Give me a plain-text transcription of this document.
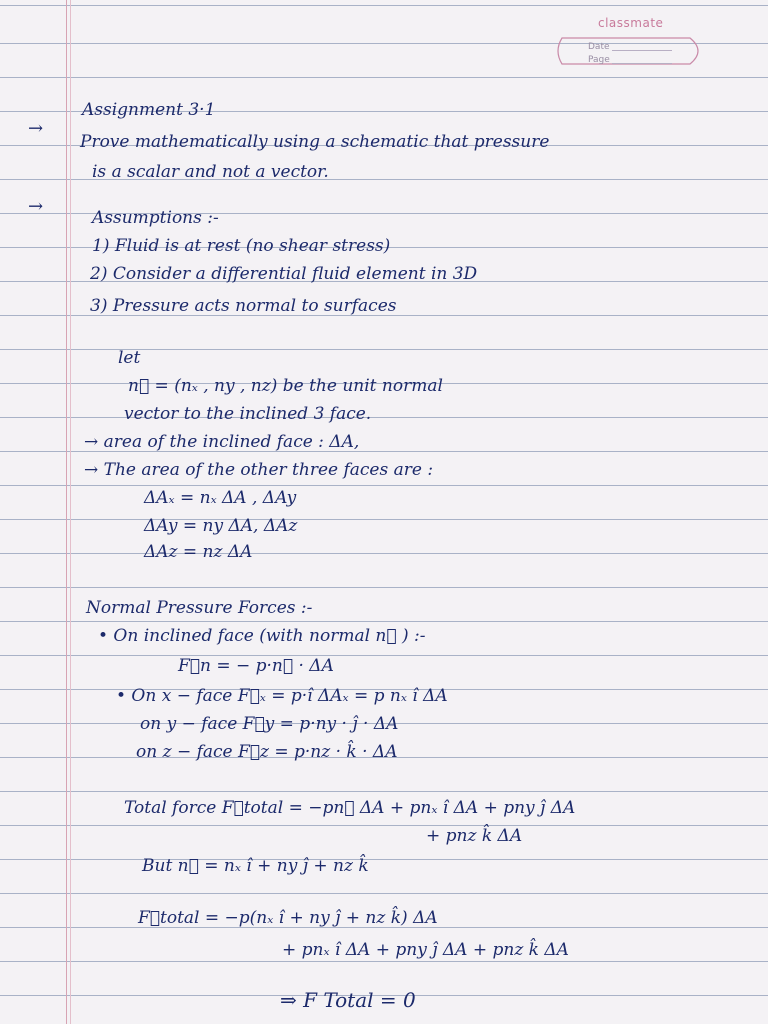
classmate
Date
Page
Assignment 3·1
→
Prove mathematically using a schematic that pressure
is a scalar and not a vector.
→
Assumptions :-
1) Fluid is at rest (no shear stress)
2) Consider a differential fluid element in 3D
3) Pressure acts normal to surfaces
let
n⃗ = (nₓ , ny , nz) be the unit normal
vector to the inclined 3 face.
→ area of the inclined face : ΔA,
→ The area of the other three faces are :
ΔAₓ = nₓ ΔA , ΔAy
ΔAy = ny ΔA, ΔAz
ΔAz = nz ΔA
Normal Pressure Forces :-
• On inclined face (with normal n⃗ ) :-
F⃗n = − p·n⃗ · ΔA
• On x − face F⃗ₓ = p·î ΔAₓ = p nₓ î ΔA
on y − face F⃗y = p·ny · ĵ · ΔA
on z − face F⃗z = p·nz · k̂ · ΔA
Total force F⃗total = −pn⃗ ΔA + pnₓ î ΔA + pny ĵ ΔA
+ pnz k̂ ΔA
But n⃗ = nₓ î + ny ĵ + nz k̂
F⃗total = −p(nₓ î + ny ĵ + nz k̂) ΔA
+ pnₓ î ΔA + pny ĵ ΔA + pnz k̂ ΔA
⇒ F Total = 0
